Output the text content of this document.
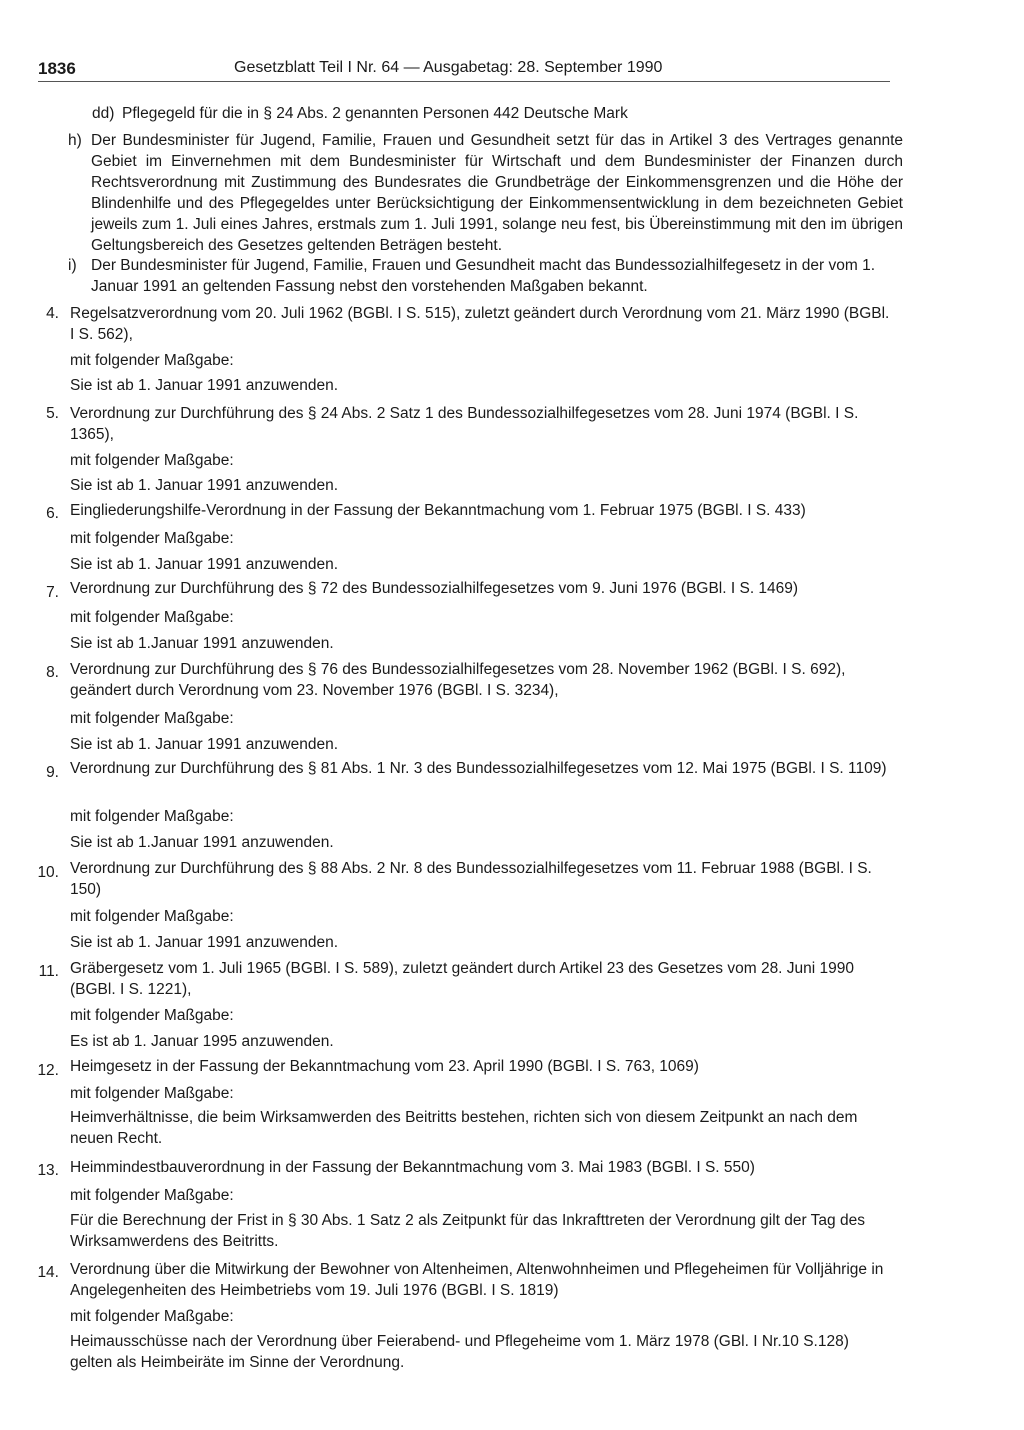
1836	Gesetzblatt Teil I Nr. 64 — Ausgabetag: 28. September 1990
dd) Pflegegeld für die in § 24 Abs. 2 genannten Personen 442 Deutsche Mark
h) Der Bundesminister für Jugend, Familie, Frauen und Gesundheit setzt für das in Artikel 3 des Vertrages genannte Gebiet im Einvernehmen mit dem Bundesminister für Wirtschaft und dem Bundesminister der Finanzen durch Rechtsverordnung mit Zustimmung des Bundesrates die Grundbeträge der Einkommensgrenzen und die Höhe der Blindenhilfe und des Pflegegeldes unter Berücksichtigung der Einkommensentwicklung in dem bezeichneten Gebiet jeweils zum 1. Juli eines Jahres, erstmals zum 1. Juli 1991, solange neu fest, bis Übereinstimmung mit den im übrigen Geltungsbereich des Gesetzes geltenden Beträgen besteht.
i) Der Bundesminister für Jugend, Familie, Frauen und Gesundheit macht das Bundessozialhilfegesetz in der vom 1. Januar 1991 an geltenden Fassung nebst den vorstehenden Maßgaben bekannt.
4. Regelsatzverordnung vom 20. Juli 1962 (BGBl. I S. 515), zuletzt geändert durch Verordnung vom 21. März 1990 (BGBl. I S. 562),
mit folgender Maßgabe:
Sie ist ab 1. Januar 1991 anzuwenden.
5. Verordnung zur Durchführung des § 24 Abs. 2 Satz 1 des Bundessozialhilfegesetzes vom 28. Juni 1974 (BGBl. I S. 1365),
mit folgender Maßgabe:
Sie ist ab 1. Januar 1991 anzuwenden.
6. Eingliederungshilfe-Verordnung in der Fassung der Bekanntmachung vom 1. Februar 1975 (BGBl. I S. 433)
mit folgender Maßgabe:
Sie ist ab 1. Januar 1991 anzuwenden.
7. Verordnung zur Durchführung des § 72 des Bundessozialhilfegesetzes vom 9. Juni 1976 (BGBl. I S. 1469)
mit folgender Maßgabe:
Sie ist ab 1.Januar 1991 anzuwenden.
8. Verordnung zur Durchführung des § 76 des Bundessozialhilfegesetzes vom 28. November 1962 (BGBl. I S. 692), geändert durch Verordnung vom 23. November 1976 (BGBl. I S. 3234),
mit folgender Maßgabe:
Sie ist ab 1. Januar 1991 anzuwenden.
9. Verordnung zur Durchführung des § 81 Abs. 1 Nr. 3 des Bundessozialhilfegesetzes vom 12. Mai 1975 (BGBl. I S. 1109)
mit folgender Maßgabe:
Sie ist ab 1.Januar 1991 anzuwenden.
10. Verordnung zur Durchführung des § 88 Abs. 2 Nr. 8 des Bundessozialhilfegesetzes vom 11. Februar 1988 (BGBl. I S. 150)
mit folgender Maßgabe:
Sie ist ab 1. Januar 1991 anzuwenden.
11. Gräbergesetz vom 1. Juli 1965 (BGBl. I S. 589), zuletzt geändert durch Artikel 23 des Gesetzes vom 28. Juni 1990 (BGBl. I S. 1221),
mit folgender Maßgabe:
Es ist ab 1. Januar 1995 anzuwenden.
12. Heimgesetz in der Fassung der Bekanntmachung vom 23. April 1990 (BGBl. I S. 763, 1069)
mit folgender Maßgabe:
Heimverhältnisse, die beim Wirksamwerden des Beitritts bestehen, richten sich von diesem Zeitpunkt an nach dem neuen Recht.
13. Heimmindestbauverordnung in der Fassung der Bekanntmachung vom 3. Mai 1983 (BGBl. I S. 550)
mit folgender Maßgabe:
Für die Berechnung der Frist in § 30 Abs. 1 Satz 2 als Zeitpunkt für das Inkrafttreten der Verordnung gilt der Tag des Wirksamwerdens des Beitritts.
14. Verordnung über die Mitwirkung der Bewohner von Altenheimen, Altenwohnheimen und Pflegeheimen für Volljährige in Angelegenheiten des Heimbetriebs vom 19. Juli 1976 (BGBl. I S. 1819)
mit folgender Maßgabe:
Heimausschüsse nach der Verordnung über Feierabend- und Pflegeheime vom 1. März 1978 (GBl. I Nr.10 S.128) gelten als Heimbeiräte im Sinne der Verordnung.
